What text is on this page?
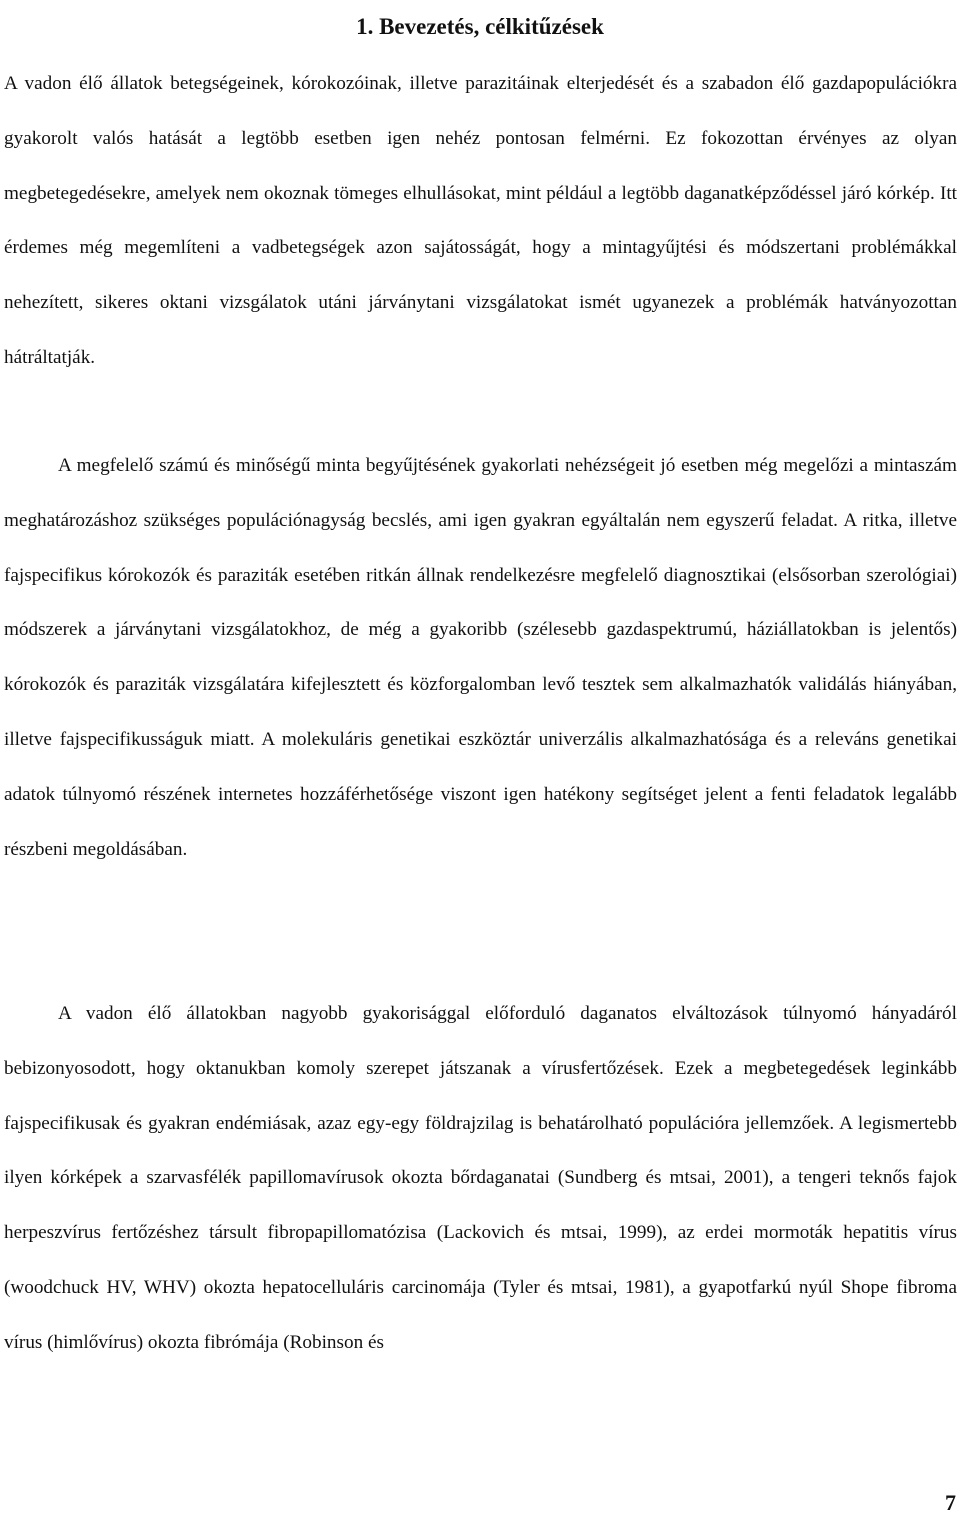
1. Bevezetés, célkitűzések

A vadon élő állatok betegségeinek, kórokozóinak, illetve parazitáinak elterjedését és a szabadon élő gazdapopulációkra gyakorolt valós hatását a legtöbb esetben igen nehéz pontosan felmérni. Ez fokozottan érvényes az olyan megbetegedésekre, amelyek nem okoznak tömeges elhullásokat, mint például a legtöbb daganatképződéssel járó kórkép. Itt érdemes még megemlíteni a vadbetegségek azon sajátosságát, hogy a mintagyűjtési és módszertani problémákkal nehezített, sikeres oktani vizsgálatok utáni járványtani vizsgálatokat ismét ugyanezek a problémák hatványozottan hátráltatják.

A megfelelő számú és minőségű minta begyűjtésének gyakorlati nehézségeit jó esetben még megelőzi a mintaszám meghatározáshoz szükséges populációnagyság becslés, ami igen gyakran egyáltalán nem egyszerű feladat. A ritka, illetve fajspecifikus kórokozók és paraziták esetében ritkán állnak rendelkezésre megfelelő diagnosztikai (elsősorban szerológiai) módszerek a járványtani vizsgálatokhoz, de még a gyakoribb (szélesebb gazdaspektrumú, háziállatokban is jelentős) kórokozók és paraziták vizsgálatára kifejlesztett és közforgalomban levő tesztek sem alkalmazhatók validálás hiányában, illetve fajspecifikusságuk miatt. A molekuláris genetikai eszköztár univerzális alkalmazhatósága és a releváns genetikai adatok túlnyomó részének internetes hozzáférhetősége viszont igen hatékony segítséget jelent a fenti feladatok legalább részbeni megoldásában.

A vadon élő állatokban nagyobb gyakorisággal előforduló daganatos elváltozások túlnyomó hányadáról bebizonyosodott, hogy oktanukban komoly szerepet játszanak a vírusfertőzések. Ezek a megbetegedések leginkább fajspecifikusak és gyakran endémiásak, azaz egy-egy földrajzilag is behatárolható populációra jellemzőek. A legismertebb ilyen kórképek a szarvasfélék papillomavírusok okozta bőrdaganatai (Sundberg és mtsai, 2001), a tengeri teknős fajok herpeszvírus fertőzéshez társult fibropapillomatózisa (Lackovich és mtsai, 1999), az erdei mormoták hepatitis vírus (woodchuck HV, WHV) okozta hepatocelluláris carcinomája (Tyler és mtsai, 1981), a gyapotfarkú nyúl Shope fibroma vírus (himlővírus) okozta fibrómája (Robinson és

7
